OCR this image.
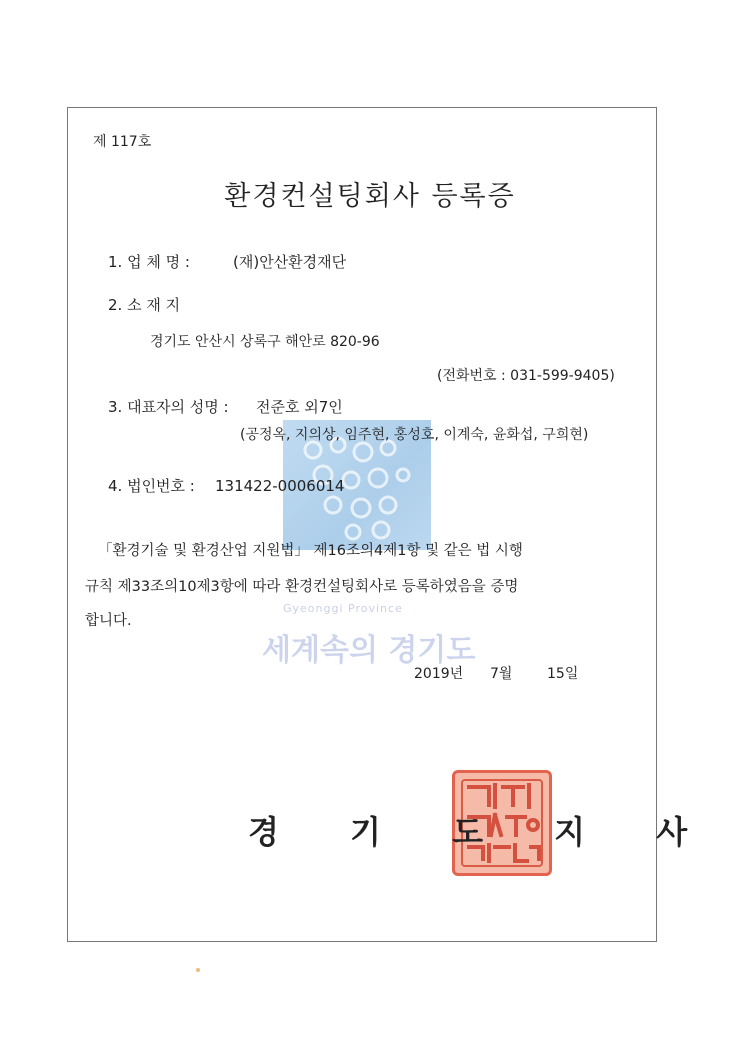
Gyeonggi Province
세계속의 경기도
제 117호
환경컨설팅회사 등록증
1. 업 체 명 :	(재)안산환경재단
2. 소 재 지
경기도 안산시 상록구 해안로 820-96
(전화번호 : 031-599-9405)
3. 대표자의 성명 : 전준호 외7인
(공정옥, 지의상, 임주현, 홍성호, 이계숙, 윤화섭, 구희현)
4. 법인번호 : 131422-0006014
「환경기술 및 환경산업 지원법」 제16조의4제1항 및 같은 법 시행
규칙 제33조의10제3항에 따라 환경컨설팅회사로 등록하였음을 증명
합니다.
2019년 7월 15일
경 기 도 지 사
